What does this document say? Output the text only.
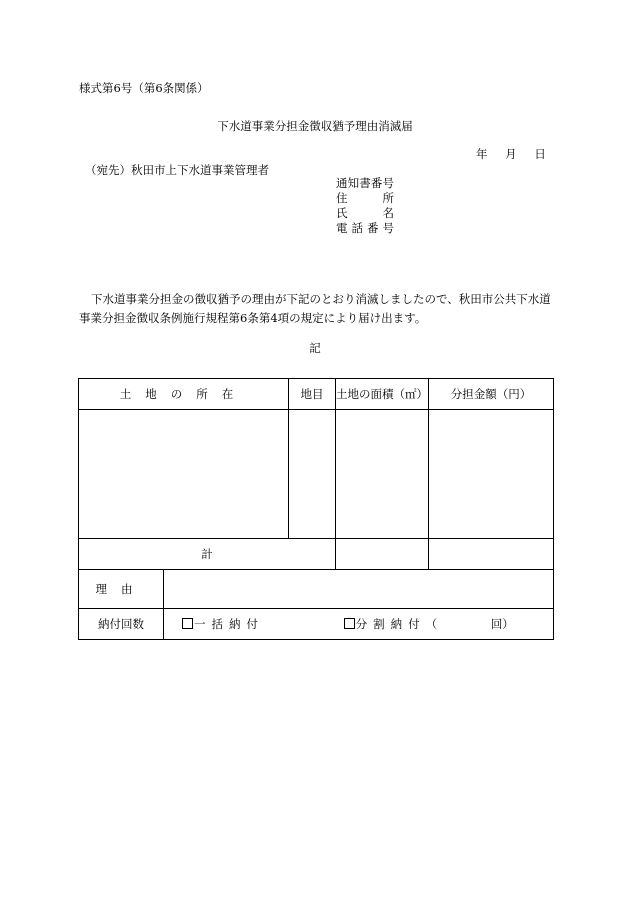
様式第6号（第6条関係）
下水道事業分担金徴収猶予理由消滅届
年 月 日
（宛先）秋田市上下水道事業管理者
通知書番号
住所
氏名
電話番号
下水道事業分担金の徴収猶予の理由が下記のとおり消滅しましたので、秋田市公共下水道事業分担金徴収条例施行規程第6条第4項の規定により届け出ます。
記
土地の所在	地目	土地の面積（㎡）	分担金額（円）

計			
理由	
納付回数	一括納付 分割納付（ 回）
